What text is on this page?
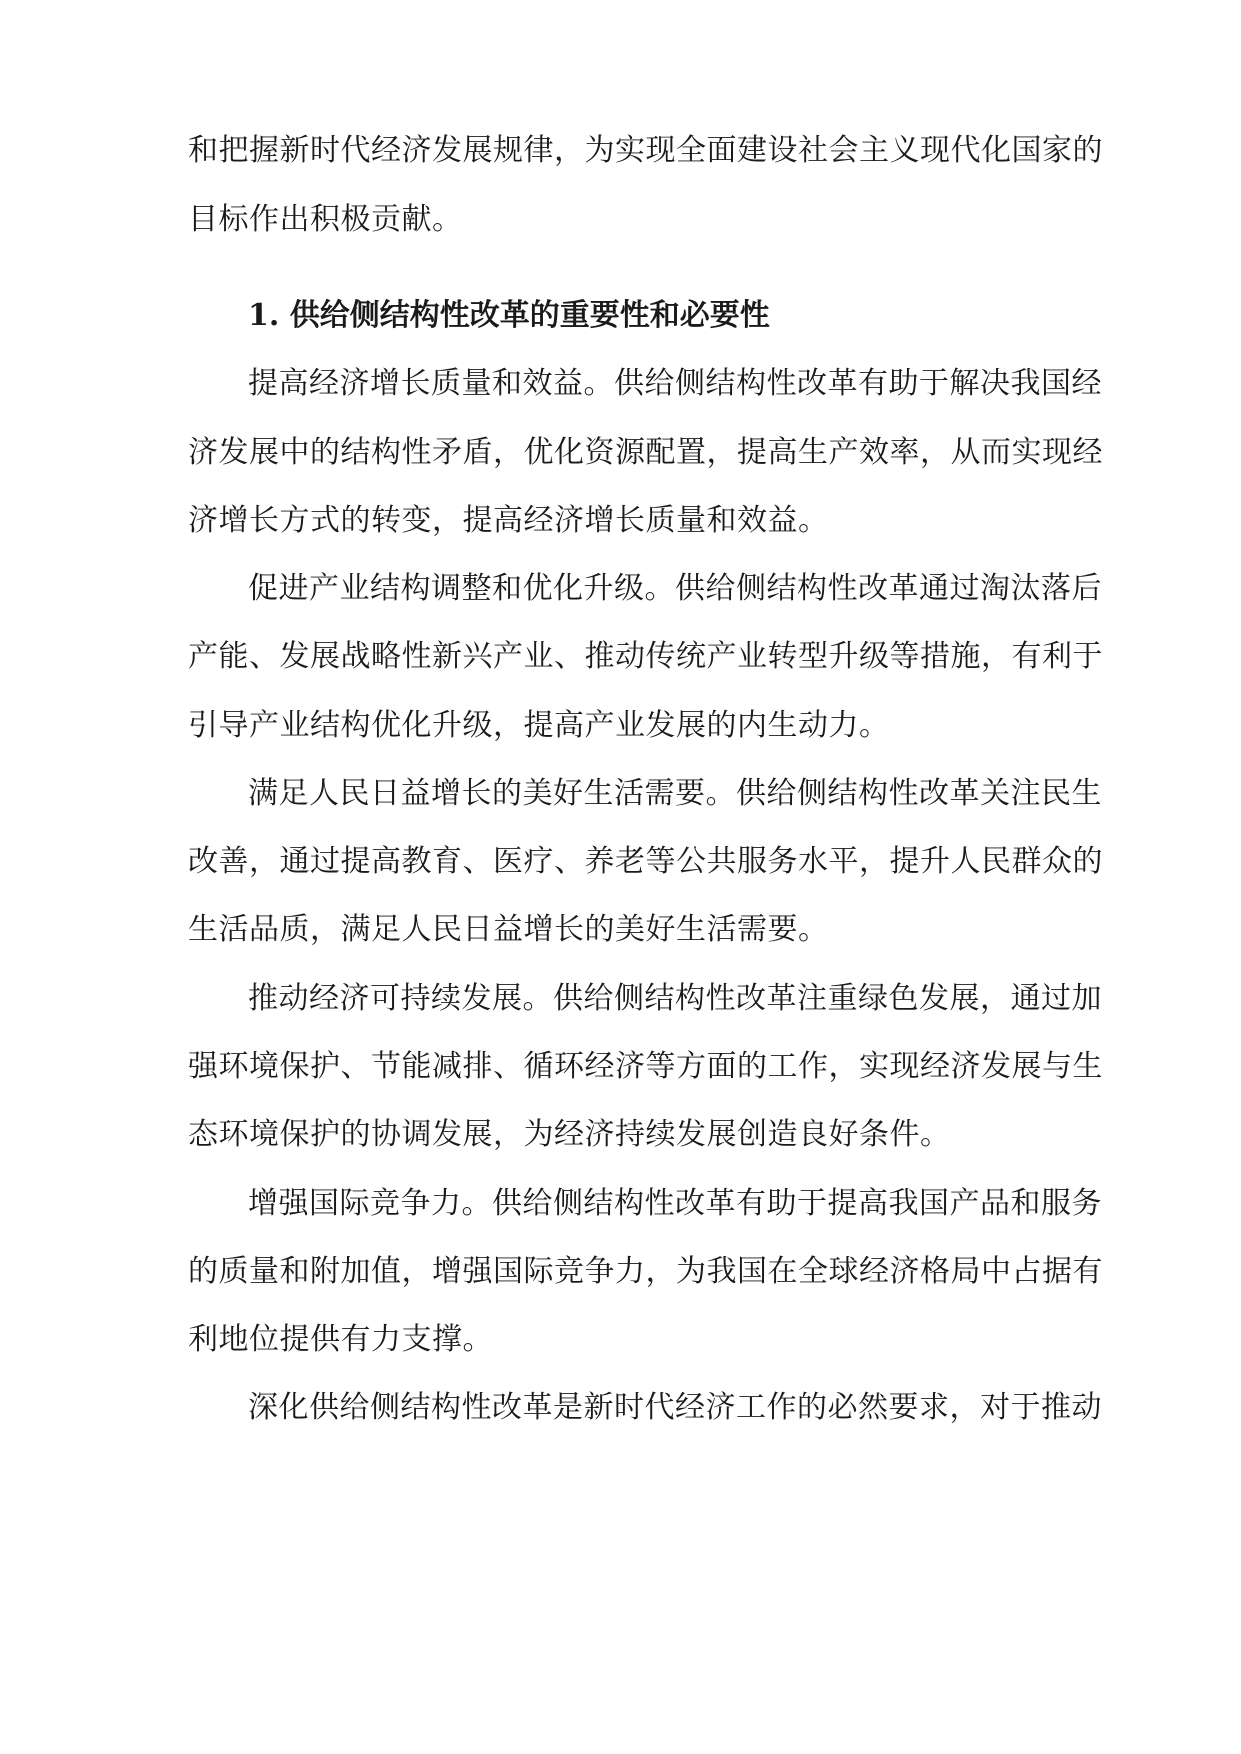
和把握新时代经济发展规律，为实现全面建设社会主义现代化国家的
目标作出积极贡献。
1. 供给侧结构性改革的重要性和必要性
提高经济增长质量和效益。供给侧结构性改革有助于解决我国经
济发展中的结构性矛盾，优化资源配置，提高生产效率，从而实现经
济增长方式的转变，提高经济增长质量和效益。
促进产业结构调整和优化升级。供给侧结构性改革通过淘汰落后
产能、发展战略性新兴产业、推动传统产业转型升级等措施，有利于
引导产业结构优化升级，提高产业发展的内生动力。
满足人民日益增长的美好生活需要。供给侧结构性改革关注民生
改善，通过提高教育、医疗、养老等公共服务水平，提升人民群众的
生活品质，满足人民日益增长的美好生活需要。
推动经济可持续发展。供给侧结构性改革注重绿色发展，通过加
强环境保护、节能减排、循环经济等方面的工作，实现经济发展与生
态环境保护的协调发展，为经济持续发展创造良好条件。
增强国际竞争力。供给侧结构性改革有助于提高我国产品和服务
的质量和附加值，增强国际竞争力，为我国在全球经济格局中占据有
利地位提供有力支撑。
深化供给侧结构性改革是新时代经济工作的必然要求，对于推动
